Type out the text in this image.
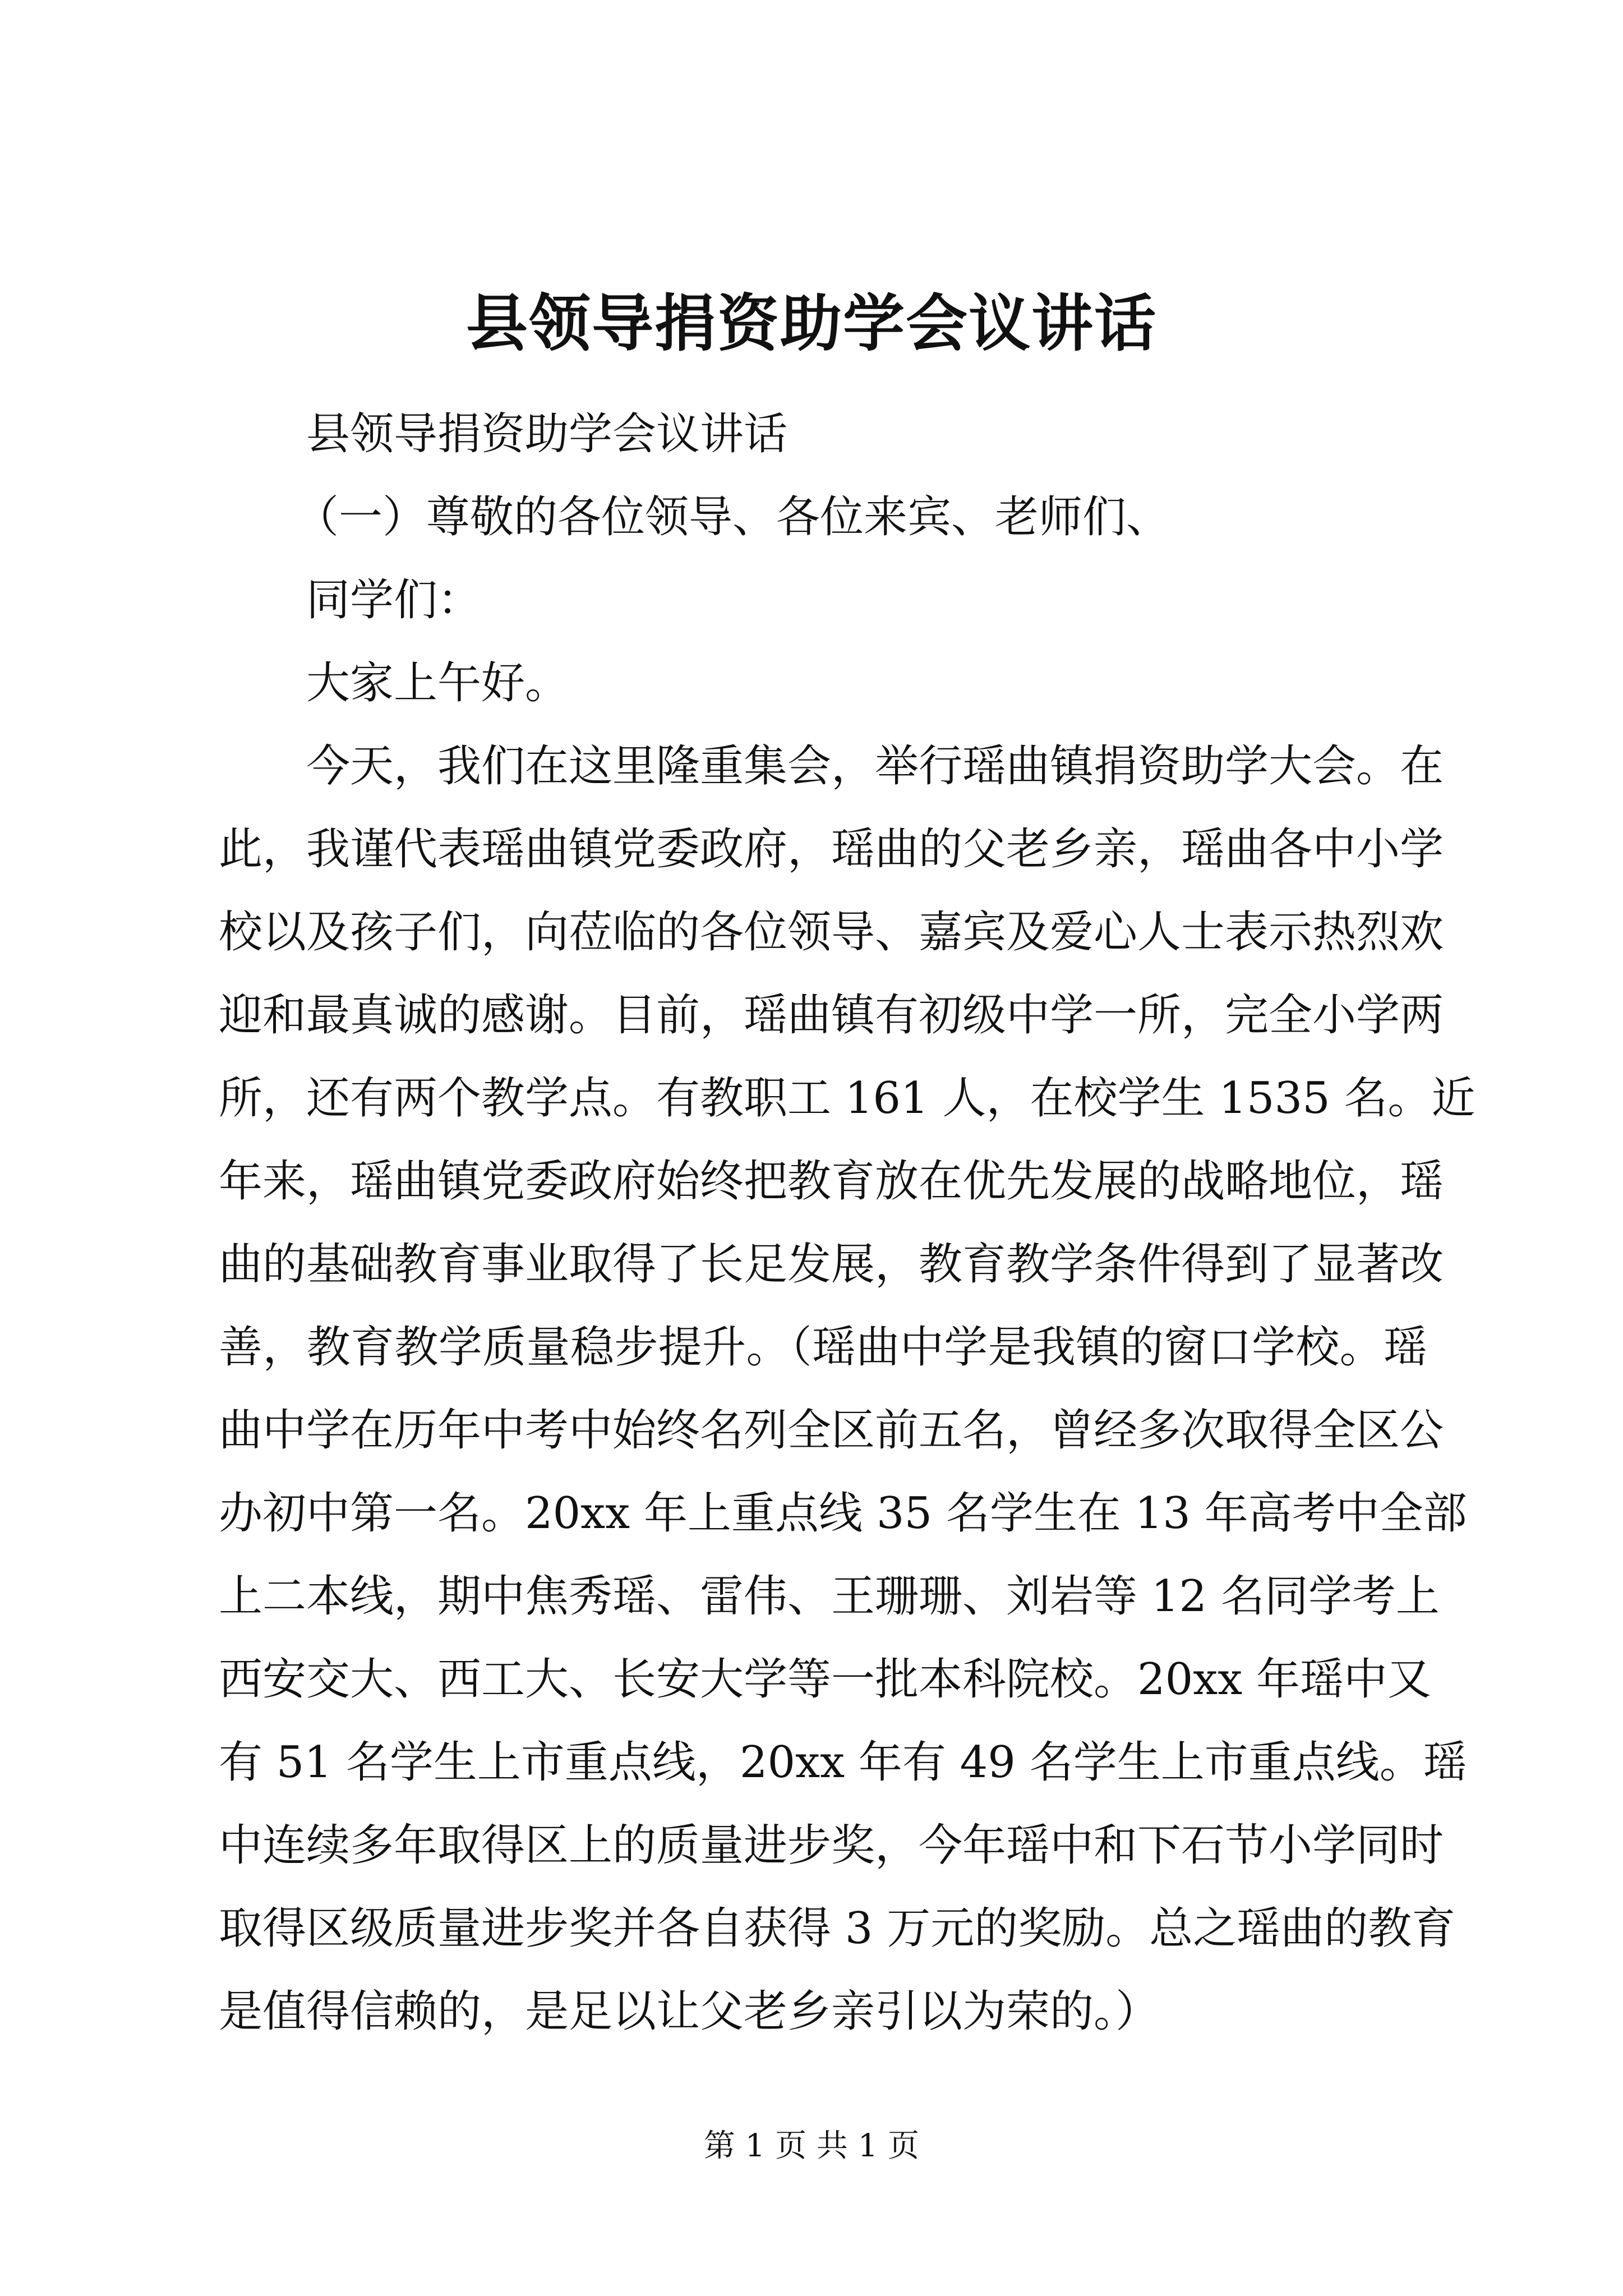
县领导捐资助学会议讲话
县领导捐资助学会议讲话
（一）尊敬的各位领导、各位来宾、老师们、
同学们：
大家上午好。
今天，我们在这里隆重集会，举行瑶曲镇捐资助学大会。在
此，我谨代表瑶曲镇党委政府，瑶曲的父老乡亲，瑶曲各中小学
校以及孩子们，向莅临的各位领导、嘉宾及爱心人士表示热烈欢
迎和最真诚的感谢。目前，瑶曲镇有初级中学一所，完全小学两
所，还有两个教学点。有教职工 161 人，在校学生 1535 名。近
年来，瑶曲镇党委政府始终把教育放在优先发展的战略地位，瑶
曲的基础教育事业取得了长足发展，教育教学条件得到了显著改
善，教育教学质量稳步提升。（瑶曲中学是我镇的窗口学校。瑶
曲中学在历年中考中始终名列全区前五名，曾经多次取得全区公
办初中第一名。20xx 年上重点线 35 名学生在 13 年高考中全部
上二本线，期中焦秀瑶、雷伟、王珊珊、刘岩等 12 名同学考上
西安交大、西工大、长安大学等一批本科院校。20xx 年瑶中又
有 51 名学生上市重点线，20xx 年有 49 名学生上市重点线。瑶
中连续多年取得区上的质量进步奖，今年瑶中和下石节小学同时
取得区级质量进步奖并各自获得 3 万元的奖励。总之瑶曲的教育
是值得信赖的，是足以让父老乡亲引以为荣的。）
第 1 页 共 1 页
